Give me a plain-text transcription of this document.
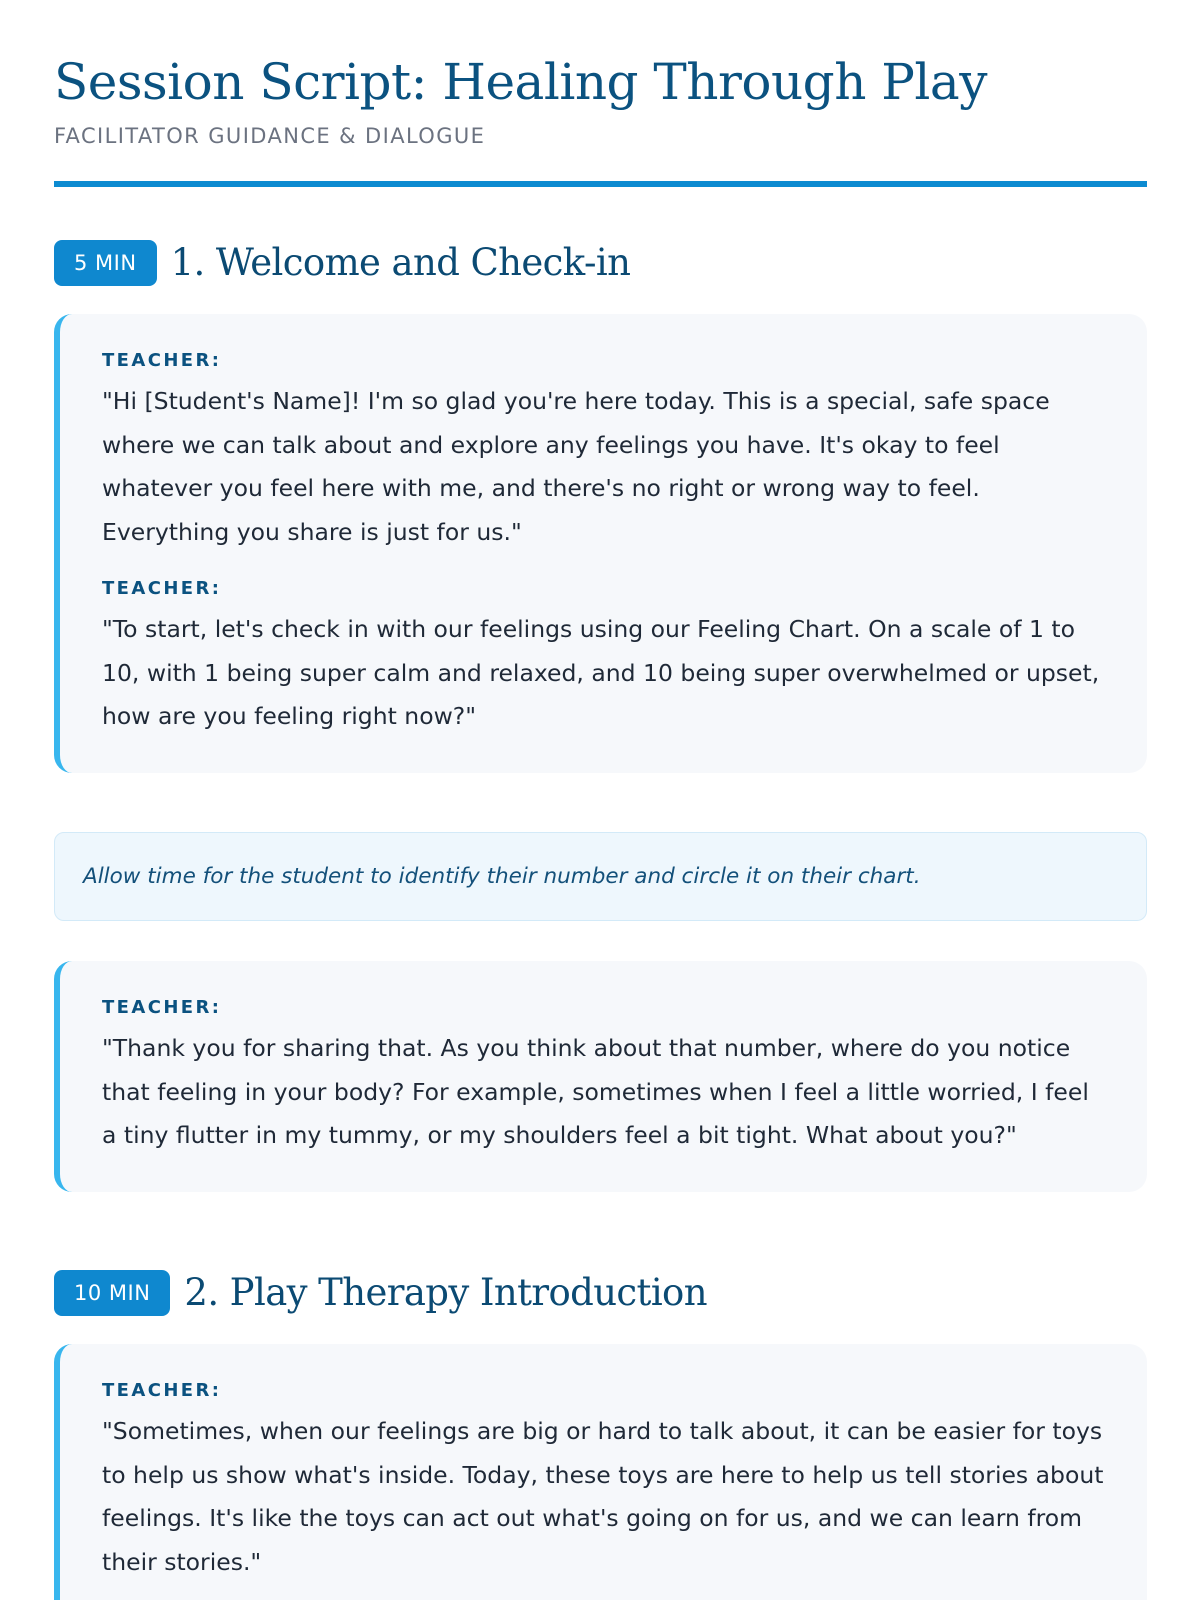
Session Script: Healing Through Play
FACILITATOR GUIDANCE & DIALOGUE
5 MIN 1. Welcome and Check-in
TEACHER:

"Hi [Student's Name]! I'm so glad you're here today. This is a special, safe space where we can talk about and explore any feelings you have. It's okay to feel whatever you feel here with me, and there's no right or wrong way to feel. Everything you share is just for us."

TEACHER:

"To start, let's check in with our feelings using our Feeling Chart. On a scale of 1 to 10, with 1 being super calm and relaxed, and 10 being super overwhelmed or upset, how are you feeling right now?"

Allow time for the student to identify their number and circle it on their chart.

TEACHER:

"Thank you for sharing that. As you think about that number, where do you notice that feeling in your body? For example, sometimes when I feel a little worried, I feel a tiny flutter in my tummy, or my shoulders feel a bit tight. What about you?"

10 MIN 2. Play Therapy Introduction
TEACHER:

"Sometimes, when our feelings are big or hard to talk about, it can be easier for toys to help us show what's inside. Today, these toys are here to help us tell stories about feelings. It's like the toys can act out what's going on for us, and we can learn from their stories."
